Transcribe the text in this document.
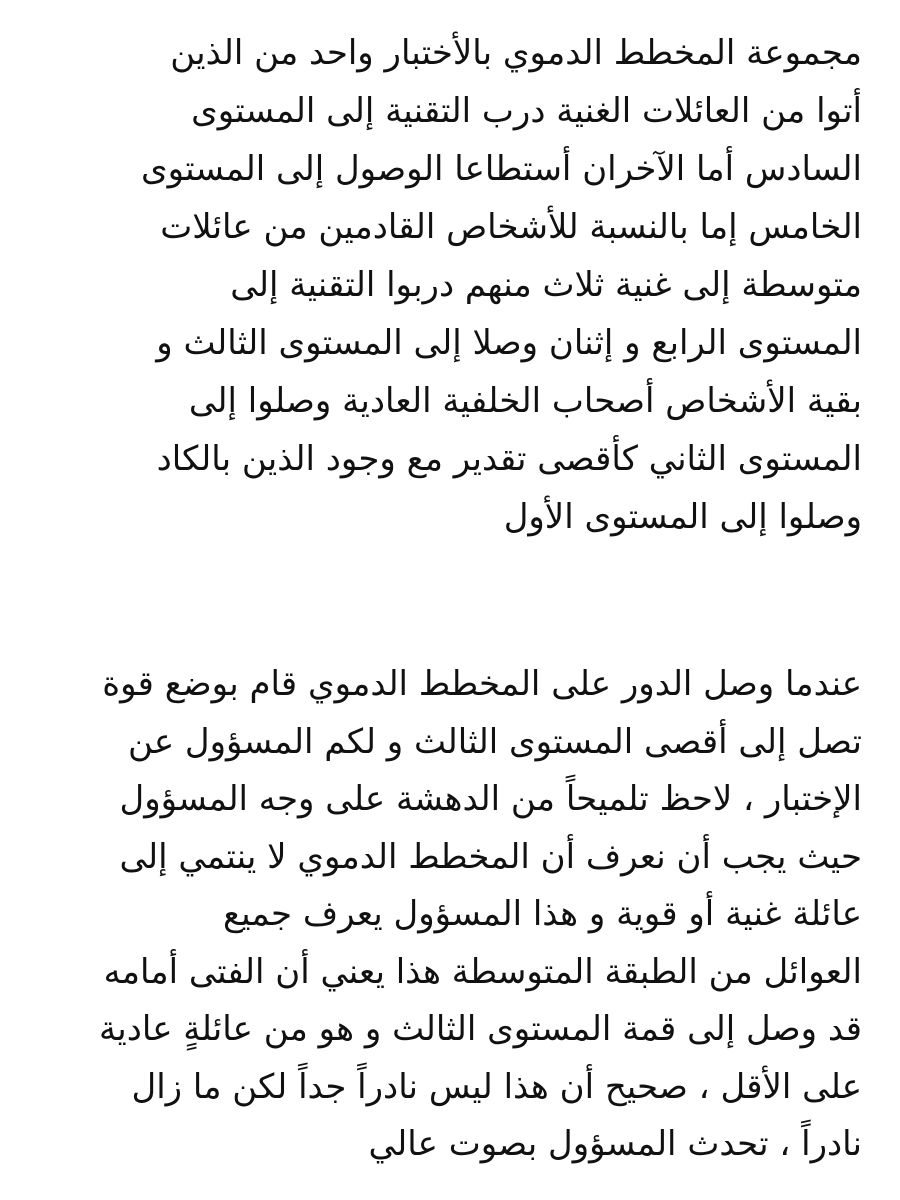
مجموعة المخطط الدموي بالأختبار واحد من الذين
أتوا من العائلات الغنية درب التقنية إلى المستوى
السادس أما الآخران أستطاعا الوصول إلى المستوى
الخامس إما بالنسبة للأشخاص القادمين من عائلات
متوسطة إلى غنية ثلاث منهم دربوا التقنية إلى
المستوى الرابع و إثنان وصلا إلى المستوى الثالث و
بقية الأشخاص أصحاب الخلفية العادية وصلوا إلى
المستوى الثاني كأقصى تقدير مع وجود الذين بالكاد
وصلوا إلى المستوى الأول
عندما وصل الدور على المخطط الدموي قام بوضع قوة
تصل إلى أقصى المستوى الثالث و لكم المسؤول عن
الإختبار ، لاحظ تلميحاً من الدهشة على وجه المسؤول
حيث يجب أن نعرف أن المخطط الدموي لا ينتمي إلى
عائلة غنية أو قوية و هذا المسؤول يعرف جميع
العوائل من الطبقة المتوسطة هذا يعني أن الفتى أمامه
قد وصل إلى قمة المستوى الثالث و هو من عائلةٍ عادية
على الأقل ، صحيح أن هذا ليس نادراً جداً لكن ما زال
نادراً ، تحدث المسؤول بصوت عالي
